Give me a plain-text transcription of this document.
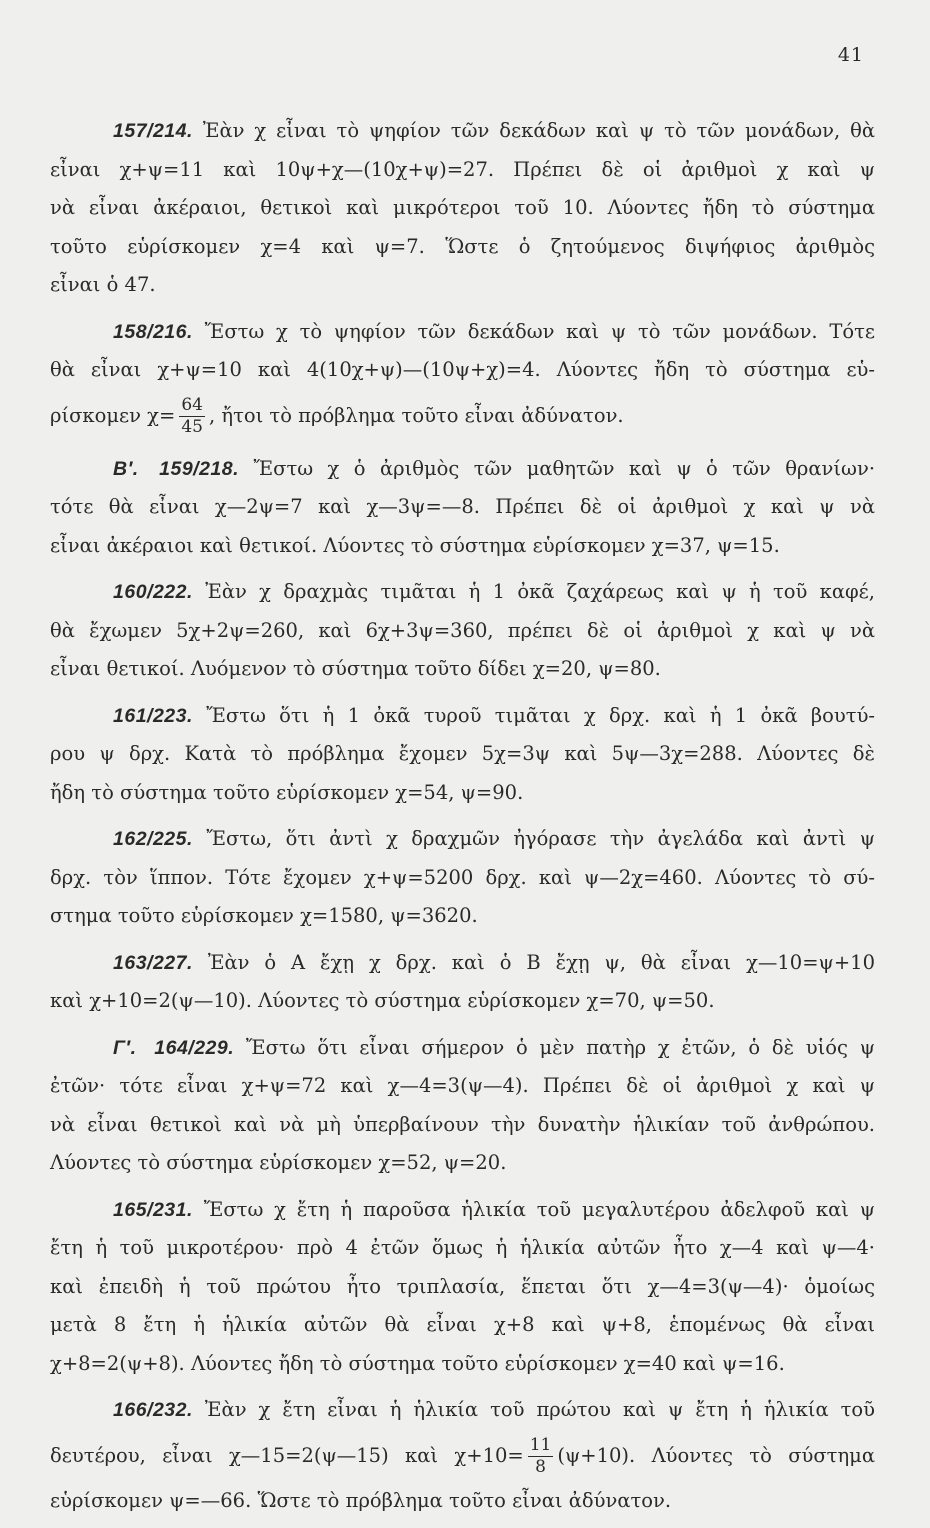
41
157/214. Ἐὰν χ εἶναι τὸ ψηφίον τῶν δεκάδων καὶ ψ τὸ τῶν μονάδων, θὰ
εἶναι χ+ψ=11 καὶ 10ψ+χ—(10χ+ψ)=27. Πρέπει δὲ οἱ ἀριθμοὶ χ καὶ ψ
νὰ εἶναι ἀκέραιοι, θετικοὶ καὶ μικρότεροι τοῦ 10. Λύοντες ἤδη τὸ σύστημα
τοῦτο εὑρίσκομεν χ=4 καὶ ψ=7. Ὥστε ὁ ζητούμενος διψήφιος ἀριθμὸς
εἶναι ὁ 47.
158/216. Ἔστω χ τὸ ψηφίον τῶν δεκάδων καὶ ψ τὸ τῶν μονάδων. Τότε
θὰ εἶναι χ+ψ=10 καὶ 4(10χ+ψ)—(10ψ+χ)=4. Λύοντες ἤδη τὸ σύστημα εὑ-
ρίσκομεν $\chi= \frac{64}{45}$ , ἤτοι τὸ πρόβλημα τοῦτο εἶναι ἀδύνατον.
Β′. 159/218. Ἔστω χ ὁ ἀριθμὸς τῶν μαθητῶν καὶ ψ ὁ τῶν θρανίων·
τότε θὰ εἶναι χ—2ψ=7 καὶ χ—3ψ=—8. Πρέπει δὲ οἱ ἀριθμοὶ χ καὶ ψ νὰ
εἶναι ἀκέραιοι καὶ θετικοί. Λύοντες τὸ σύστημα εὑρίσκομεν χ=37, ψ=15.
160/222. Ἐὰν χ δραχμὰς τιμᾶται ἡ 1 ὀκᾶ ζαχάρεως καὶ ψ ἡ τοῦ καφέ,
θὰ ἔχωμεν 5χ+2ψ=260, καὶ 6χ+3ψ=360, πρέπει δὲ οἱ ἀριθμοὶ χ καὶ ψ νὰ
εἶναι θετικοί. Λυόμενον τὸ σύστημα τοῦτο δίδει χ=20, ψ=80.
161/223. Ἔστω ὅτι ἡ 1 ὀκᾶ τυροῦ τιμᾶται χ δρχ. καὶ ἡ 1 ὀκᾶ βουτύ-
ρου ψ δρχ. Κατὰ τὸ πρόβλημα ἔχομεν 5χ=3ψ καὶ 5ψ—3χ=288. Λύοντες δὲ
ἤδη τὸ σύστημα τοῦτο εὑρίσκομεν χ=54, ψ=90.
162/225. Ἔστω, ὅτι ἀντὶ χ δραχμῶν ἠγόρασε τὴν ἀγελάδα καὶ ἀντὶ ψ
δρχ. τὸν ἵππον. Τότε ἔχομεν χ+ψ=5200 δρχ. καὶ ψ—2χ=460. Λύοντες τὸ σύ-
στημα τοῦτο εὑρίσκομεν χ=1580, ψ=3620.
163/227. Ἐὰν ὁ Α ἔχῃ χ δρχ. καὶ ὁ Β ἔχῃ ψ, θὰ εἶναι χ—10=ψ+10
καὶ χ+10=2(ψ—10). Λύοντες τὸ σύστημα εὑρίσκομεν χ=70, ψ=50.
Γ′. 164/229. Ἔστω ὅτι εἶναι σήμερον ὁ μὲν πατὴρ χ ἐτῶν, ὁ δὲ υἱός ψ
ἐτῶν· τότε εἶναι χ+ψ=72 καὶ χ—4=3(ψ—4). Πρέπει δὲ οἱ ἀριθμοὶ χ καὶ ψ
νὰ εἶναι θετικοὶ καὶ νὰ μὴ ὑπερβαίνουν τὴν δυνατὴν ἡλικίαν τοῦ ἀνθρώπου.
Λύοντες τὸ σύστημα εὑρίσκομεν χ=52, ψ=20.
165/231. Ἔστω χ ἔτη ἡ παροῦσα ἡλικία τοῦ μεγαλυτέρου ἀδελφοῦ καὶ ψ
ἔτη ἡ τοῦ μικροτέρου· πρὸ 4 ἐτῶν ὅμως ἡ ἡλικία αὐτῶν ἦτο χ—4 καὶ ψ—4·
καὶ ἐπειδὴ ἡ τοῦ πρώτου ἦτο τριπλασία, ἕπεται ὅτι χ—4=3(ψ—4)· ὁμοίως
μετὰ 8 ἔτη ἡ ἡλικία αὐτῶν θὰ εἶναι χ+8 καὶ ψ+8, ἑπομένως θὰ εἶναι
χ+8=2(ψ+8). Λύοντες ἤδη τὸ σύστημα τοῦτο εὑρίσκομεν χ=40 καὶ ψ=16.
166/232. Ἐὰν χ ἔτη εἶναι ἡ ἡλικία τοῦ πρώτου καὶ ψ ἔτη ἡ ἡλικία τοῦ
δευτέρου, εἶναι χ—15=2(ψ—15) καὶ $\chi+10= \frac{11}{8} (\psi+10)$. Λύοντες τὸ σύστημα
εὑρίσκομεν ψ=—66. Ὥστε τὸ πρόβλημα τοῦτο εἶναι ἀδύνατον.
